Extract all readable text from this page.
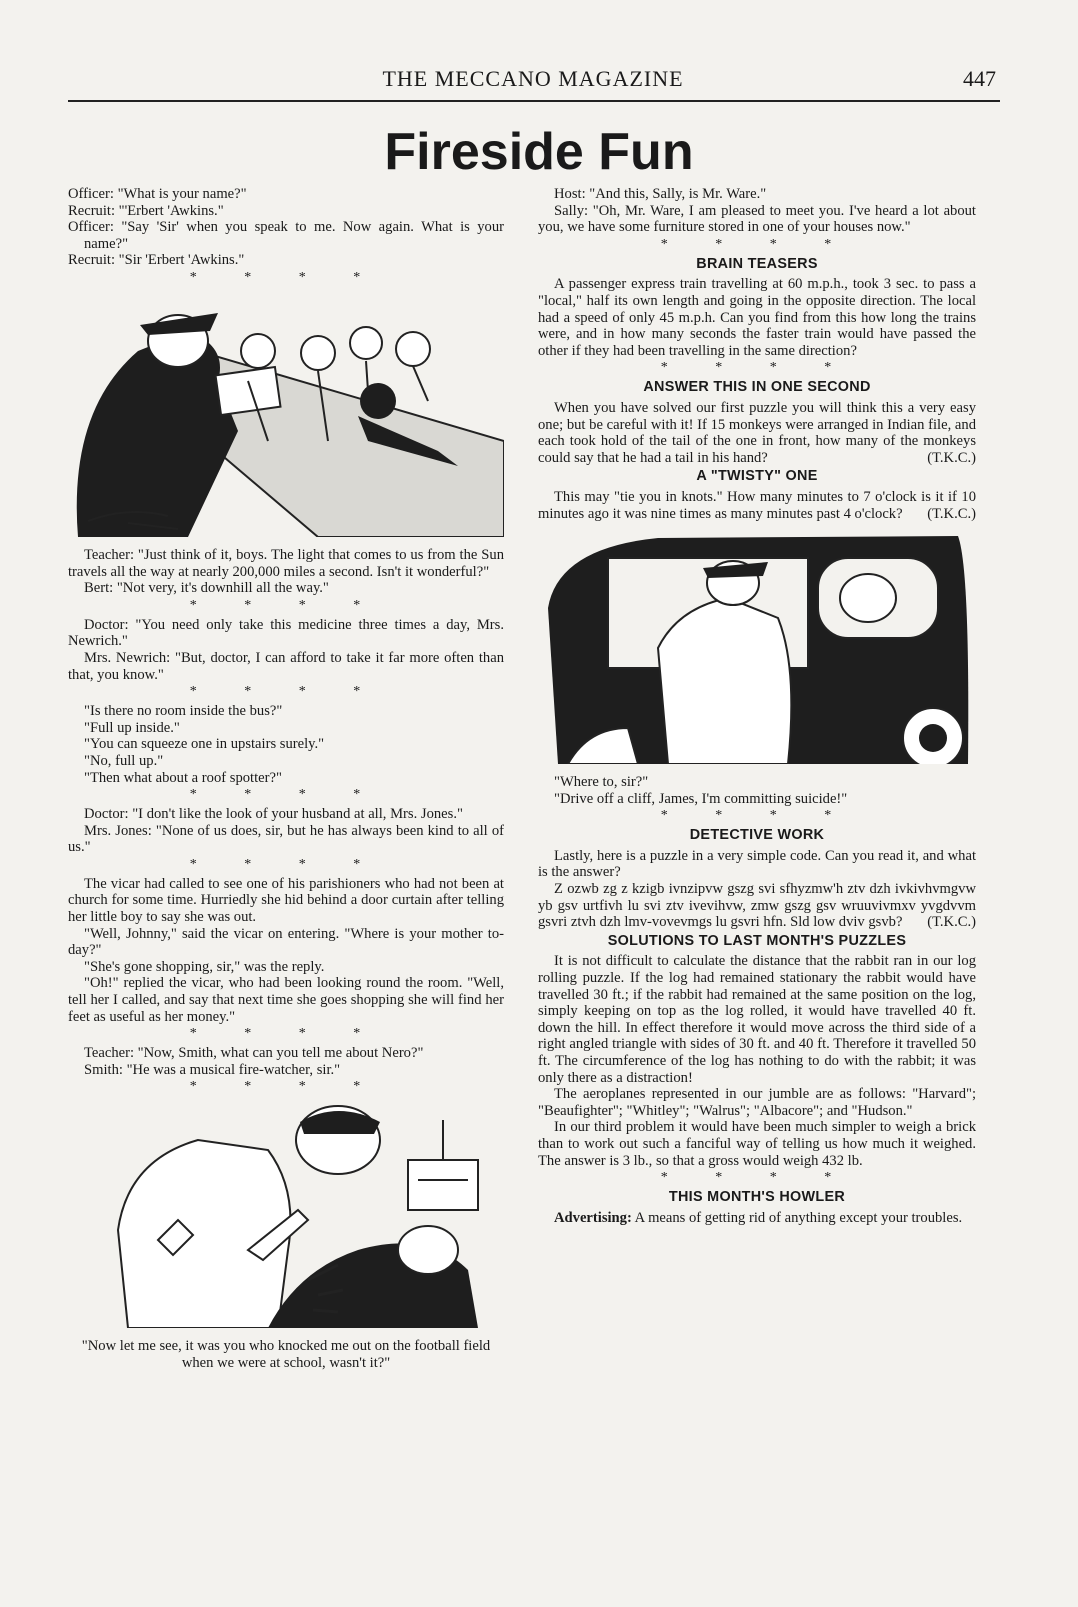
THE MECCANO MAGAZINE	447
Fireside Fun

Officer: "What is your name?"

Recruit: "'Erbert 'Awkins."

Officer: "Say 'Sir' when you speak to me. Now again. What is your name?"

Recruit: "Sir 'Erbert 'Awkins."

* * * *

Teacher: "Just think of it, boys. The light that comes to us from the Sun travels all the way at nearly 200,000 miles a second. Isn't it wonderful?"

Bert: "Not very, it's downhill all the way."

* * * *

Doctor: "You need only take this medicine three times a day, Mrs. Newrich."

Mrs. Newrich: "But, doctor, I can afford to take it far more often than that, you know."

* * * *

"Is there no room inside the bus?"

"Full up inside."

"You can squeeze one in upstairs surely."

"No, full up."

"Then what about a roof spotter?"

* * * *

Doctor: "I don't like the look of your husband at all, Mrs. Jones."

Mrs. Jones: "None of us does, sir, but he has always been kind to all of us."

* * * *

The vicar had called to see one of his parishioners who had not been at church for some time. Hurriedly she hid behind a door curtain after telling her little boy to say she was out.

"Well, Johnny," said the vicar on entering. "Where is your mother to-day?"

"She's gone shopping, sir," was the reply.

"Oh!" replied the vicar, who had been looking round the room. "Well, tell her I called, and say that next time she goes shopping she will find her feet as useful as her money."

* * * *

Teacher: "Now, Smith, what can you tell me about Nero?"

Smith: "He was a musical fire-watcher, sir."

* * * *

"Now let me see, it was you who knocked me out on the football field when we were at school, wasn't it?"

Host: "And this, Sally, is Mr. Ware."

Sally: "Oh, Mr. Ware, I am pleased to meet you. I've heard a lot about you, we have some furniture stored in one of your houses now."

* * * *
BRAIN TEASERS

A passenger express train travelling at 60 m.p.h., took 3 sec. to pass a "local," half its own length and going in the opposite direction. The local had a speed of only 45 m.p.h. Can you find from this how long the trains were, and in how many seconds the faster train would have passed the other if they had been travelling in the same direction?

* * * *
ANSWER THIS IN ONE SECOND

When you have solved our first puzzle you will think this a very easy one; but be careful with it! If 15 monkeys were arranged in Indian file, and each took hold of the tail of the one in front, how many of the monkeys could say that he had a tail in his hand?	(T.K.C.)

A "TWISTY" ONE

This may "tie you in knots." How many minutes to 7 o'clock is it if 10 minutes ago it was nine times as many minutes past 4 o'clock?	(T.K.C.)

"Where to, sir?"

"Drive off a cliff, James, I'm committing suicide!"

* * * *
DETECTIVE WORK

Lastly, here is a puzzle in a very simple code. Can you read it, and what is the answer?

Z ozwb zg z kzigb ivnzipvw gszg svi sfhyzmw'h ztv dzh ivkivhvmgvw yb gsv urtfivh lu svi ztv ivevihvw, zmw gszg gsv wruuvivmxv yvgdvvm gsvri ztvh dzh lmv-vovevmgs lu gsvri hfn. Sld low dviv gsvb?	(T.K.C.)

SOLUTIONS TO LAST MONTH'S PUZZLES

It is not difficult to calculate the distance that the rabbit ran in our log rolling puzzle. If the log had remained stationary the rabbit would have travelled 30 ft.; if the rabbit had remained at the same position on the log, simply keeping on top as the log rolled, it would have travelled 40 ft. down the hill. In effect therefore it would move across the third side of a right angled triangle with sides of 30 ft. and 40 ft. Therefore it travelled 50 ft. The circumference of the log has nothing to do with the rabbit; it was only there as a distraction!

The aeroplanes represented in our jumble are as follows: "Harvard"; "Beaufighter"; "Whitley"; "Walrus"; "Albacore"; and "Hudson."

In our third problem it would have been much simpler to weigh a brick than to work out such a fanciful way of telling us how much it weighed. The answer is 3 lb., so that a gross would weigh 432 lb.

* * * *
THIS MONTH'S HOWLER

Advertising: A means of getting rid of anything except your troubles.
